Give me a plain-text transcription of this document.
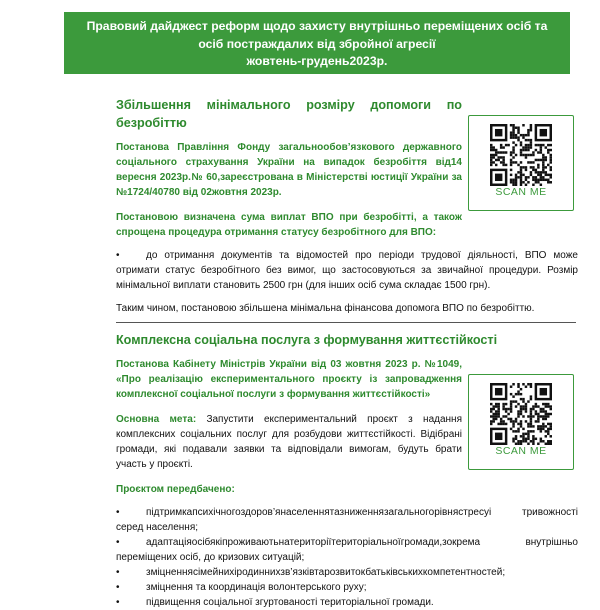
Правовий дайджест реформ щодо захисту внутрішньо переміщених осіб та
осіб постраждалих від збройної агресії
жовтень-грудень2023р.
SCAN ME
SCAN ME
Збільшення мінімального розміру допомоги по безробіттю
Постанова Правління Фонду загальнообов’язкового державного соціального страхування України на випадок безробіття від14 вересня 2023р.№ 60,зареєстрована в Міністерстві юстиції України за №1724/40780 від 02жовтня 2023р.
Постановою визначена сума виплат ВПО при безробітті, а також спрощена процедура отримання статусу безробітного для ВПО:
•	до отримання документів та відомостей про періоди трудової діяльності, ВПО може отримати статус безробітного без вимог, що застосовуються за звичайної процедури. Розмір мінімальної виплати становить 2500 грн (для інших осіб сума складає 1500 грн).
Таким чином, постановою збільшена мінімальна фінансова допомога ВПО по безробіттю.
Комплексна соціальна послуга з формування життєстійкості
Постанова Кабінету Міністрів України від 03 жовтня 2023 р. №1049, «Про реалізацію експериментального проєкту із запровадження комплексної соціальної послуги з формування життєстійкості»
Основна мета: Запустити експериментальний проєкт з надання комплексних соціальних послуг для розбудови життєстійкості. Відібрані громади, які подавали заявки та відповідали вимогам, будуть брати участь у проєкті.
Проєктом передбачено:
•	підтримкапсихічногоздоров’янаселеннятазниженнязагальногорівнястресуі тривожності серед населення;
•	адаптаціяосібякіпроживаютьнатериторіїтериторіальноїгромади,зокрема внутрішньо переміщених осіб, до кризових ситуацій;
•	зміцненнясімейнихіродиннихзв’язківтарозвитокбатьківськихкомпетентностей;
•	зміцнення та координація волонтерського руху;
•	підвищення соціальної згуртованості територіальної громади.
